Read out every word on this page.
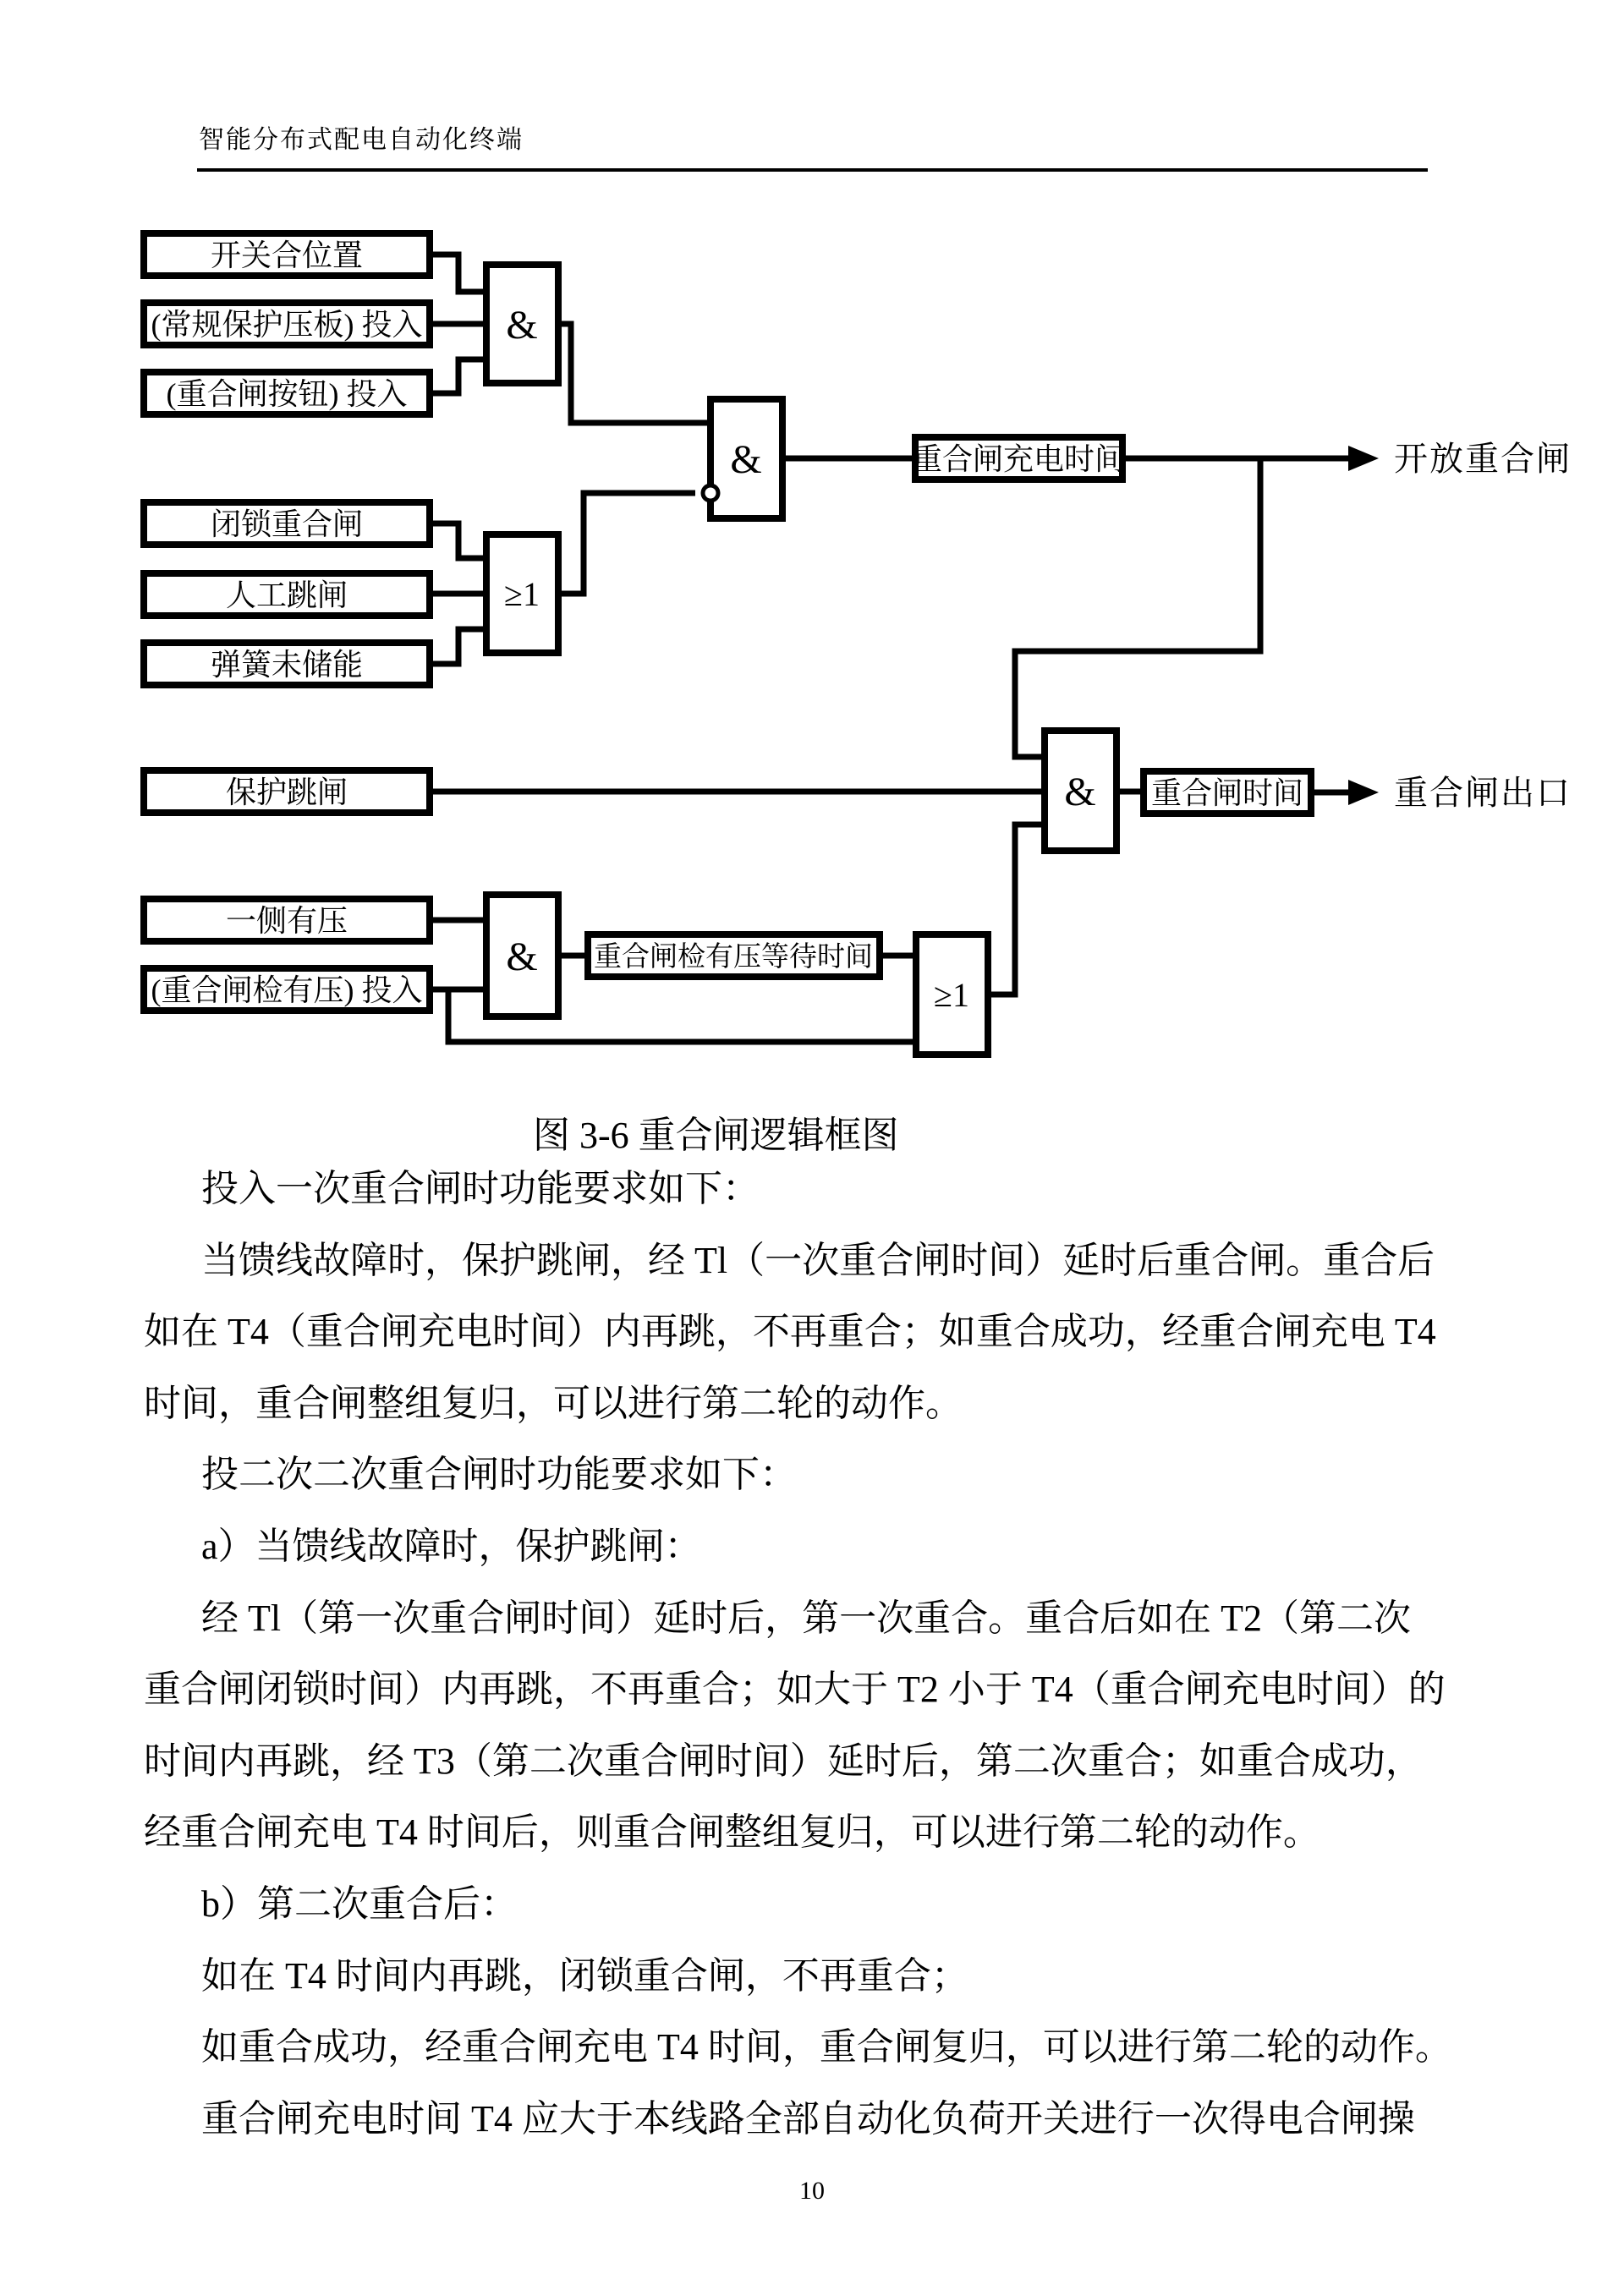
智能分布式配电自动化终端
开关合位置
(常规保护压板) 投入
(重合闸按钮) 投入
闭锁重合闸
人工跳闸
弹簧未储能
保护跳闸
一侧有压
(重合闸检有压) 投入
&
≥1
&
&
&
≥1
重合闸充电时间
重合闸检有压等待时间
重合闸时间
开放重合闸
重合闸出口
图 3-6 重合闸逻辑框图
投入一次重合闸时功能要求如下：
当馈线故障时，保护跳闸，经 Tl（一次重合闸时间）延时后重合闸。重合后
如在 T4（重合闸充电时间）内再跳，不再重合；如重合成功，经重合闸充电 T4
时间，重合闸整组复归，可以进行第二轮的动作。
投二次二次重合闸时功能要求如下：
a）当馈线故障时，保护跳闸：
经 Tl（第一次重合闸时间）延时后，第一次重合。重合后如在 T2（第二次
重合闸闭锁时间）内再跳，不再重合；如大于 T2 小于 T4（重合闸充电时间）的
时间内再跳，经 T3（第二次重合闸时间）延时后，第二次重合；如重合成功，
经重合闸充电 T4 时间后，则重合闸整组复归，可以进行第二轮的动作。
b）第二次重合后：
如在 T4 时间内再跳，闭锁重合闸，不再重合；
如重合成功，经重合闸充电 T4 时间，重合闸复归，可以进行第二轮的动作。
重合闸充电时间 T4 应大于本线路全部自动化负荷开关进行一次得电合闸操
10
